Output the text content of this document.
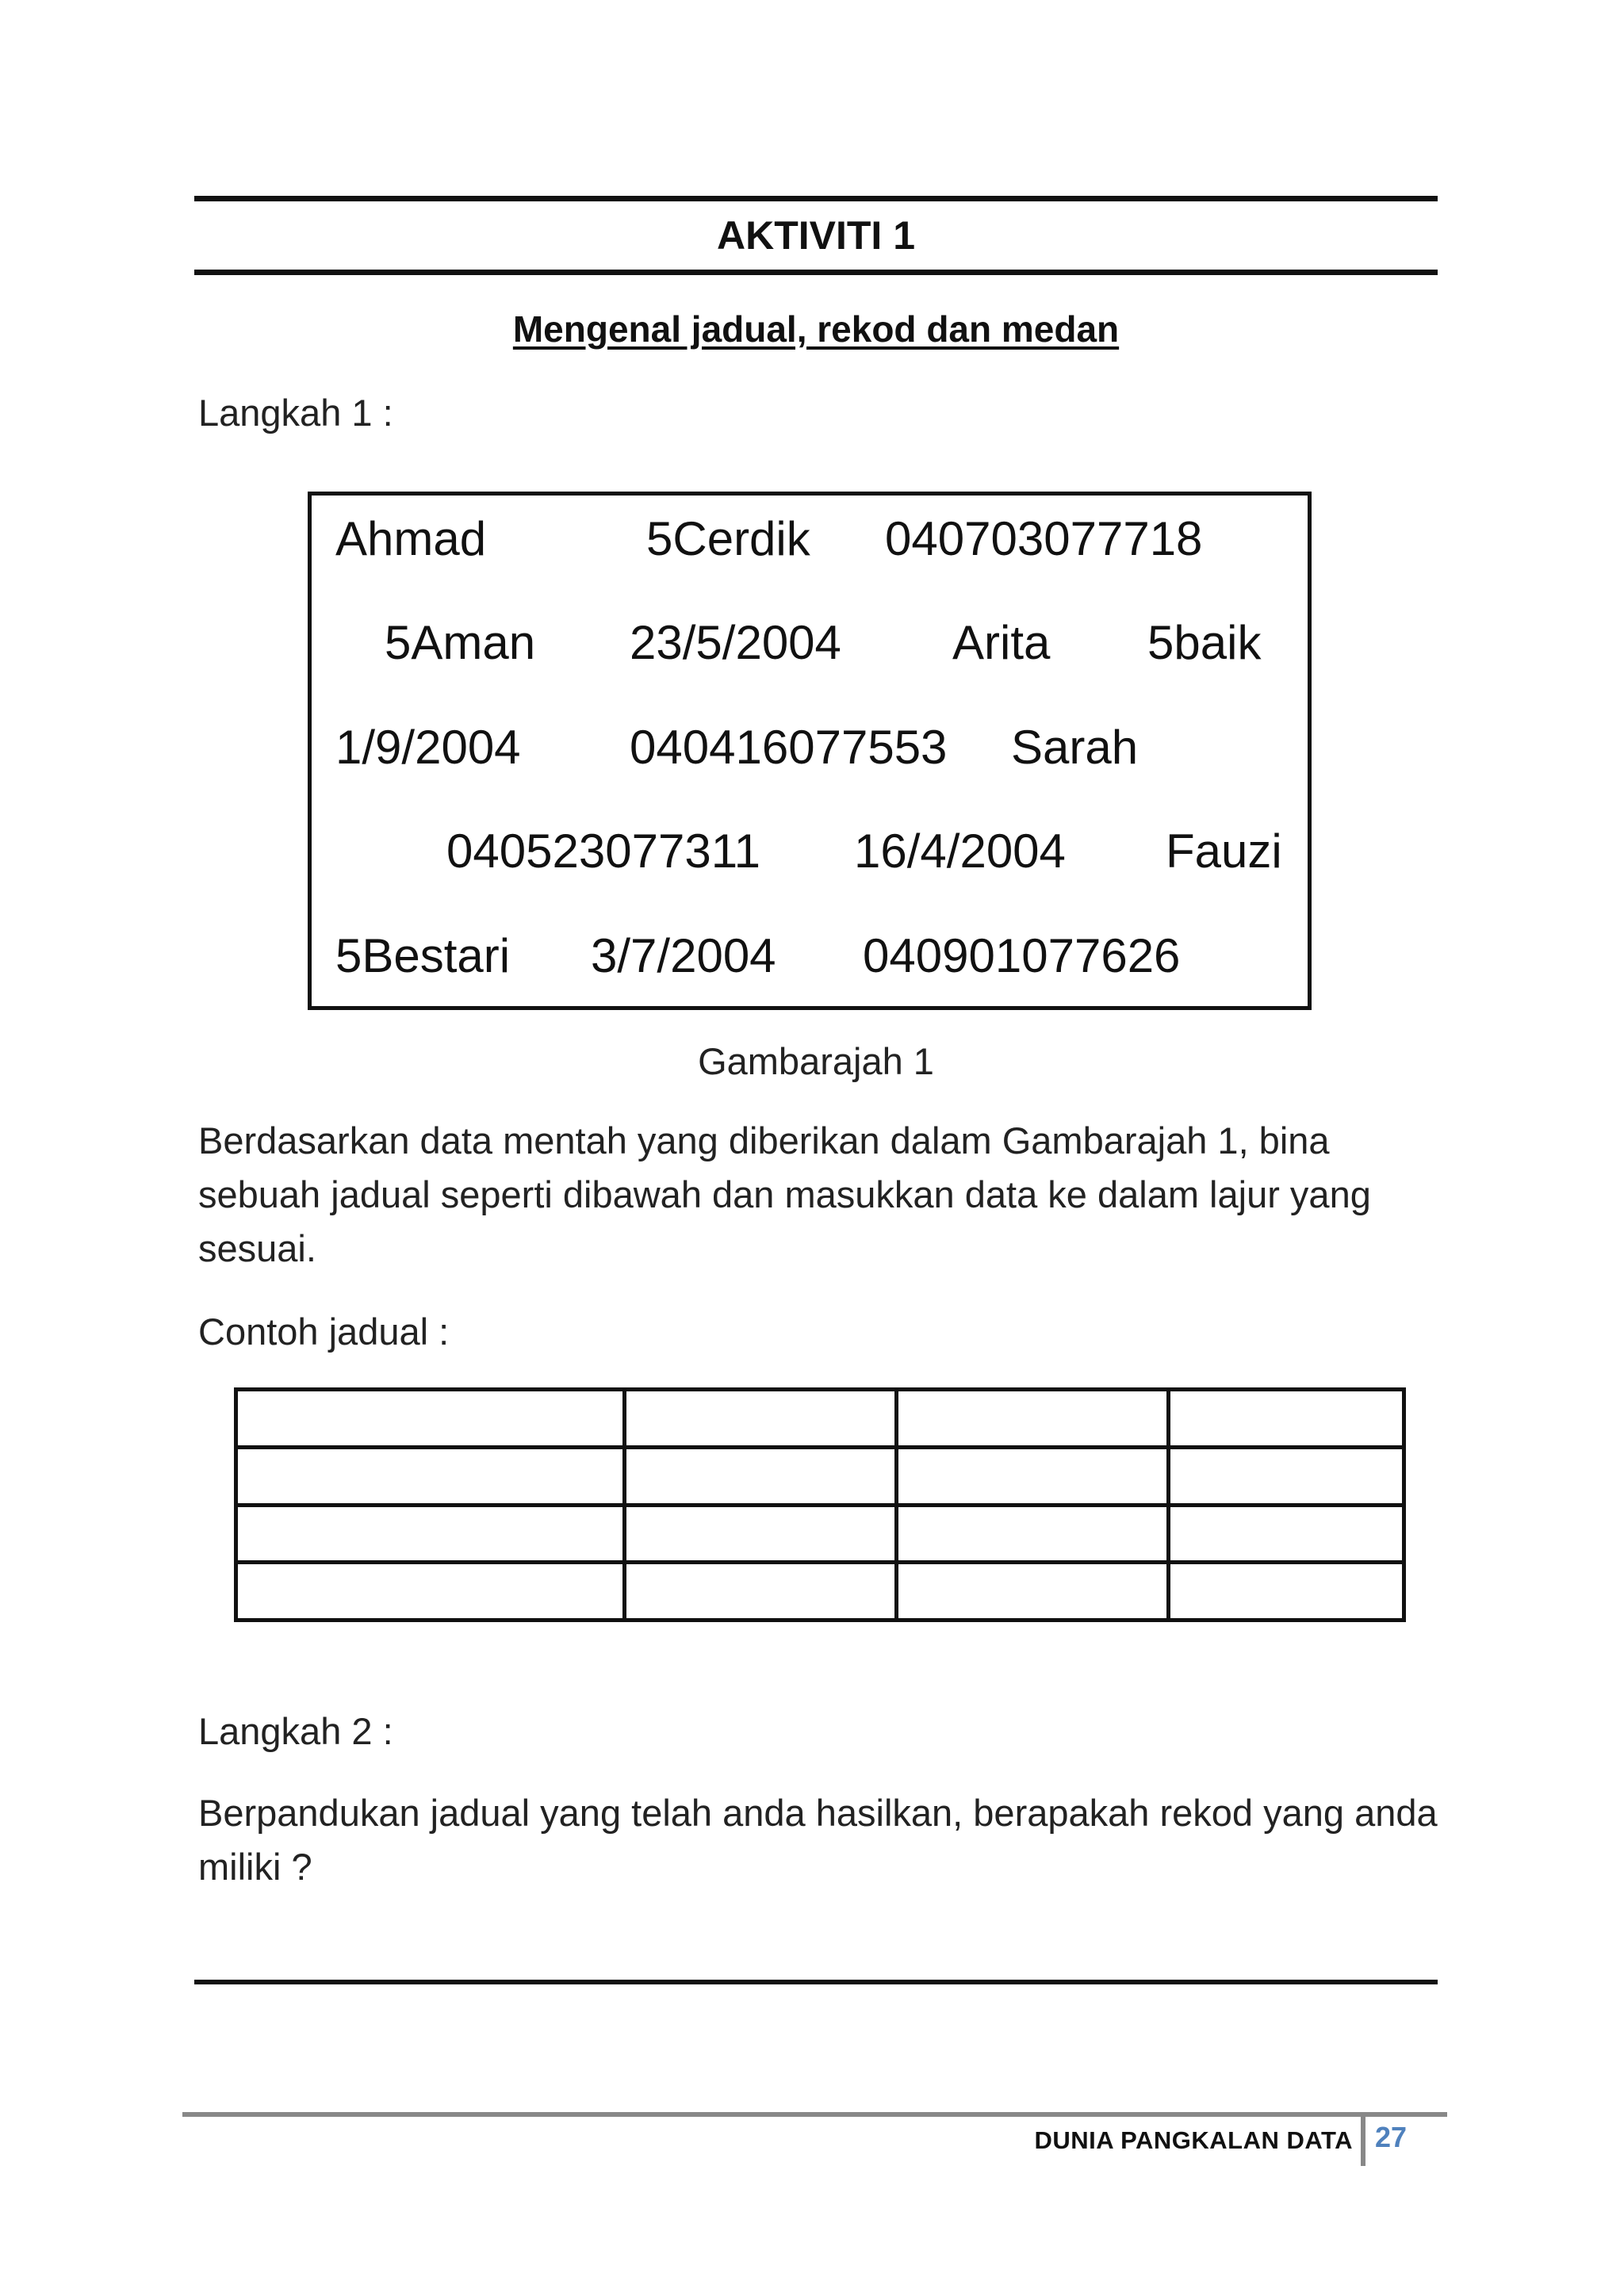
AKTIVITI 1
Mengenal jadual, rekod dan medan

Langkah 1 :

Ahmad	5Cerdik 040703077718
5Aman 23/5/2004 Arita 5baik
1/9/2004 040416077553 Sarah
040523077311 16/4/2004 Fauzi
5Bestari 3/7/2004 040901077626
Gambarajah 1

Berdasarkan data mentah yang diberikan dalam Gambarajah 1, bina sebuah jadual seperti dibawah dan masukkan data ke dalam lajur yang sesuai.

Contoh jadual :

Langkah 2 :

Berpandukan jadual yang telah anda hasilkan, berapakah rekod yang anda miliki ?

DUNIA PANGKALAN DATA 27
